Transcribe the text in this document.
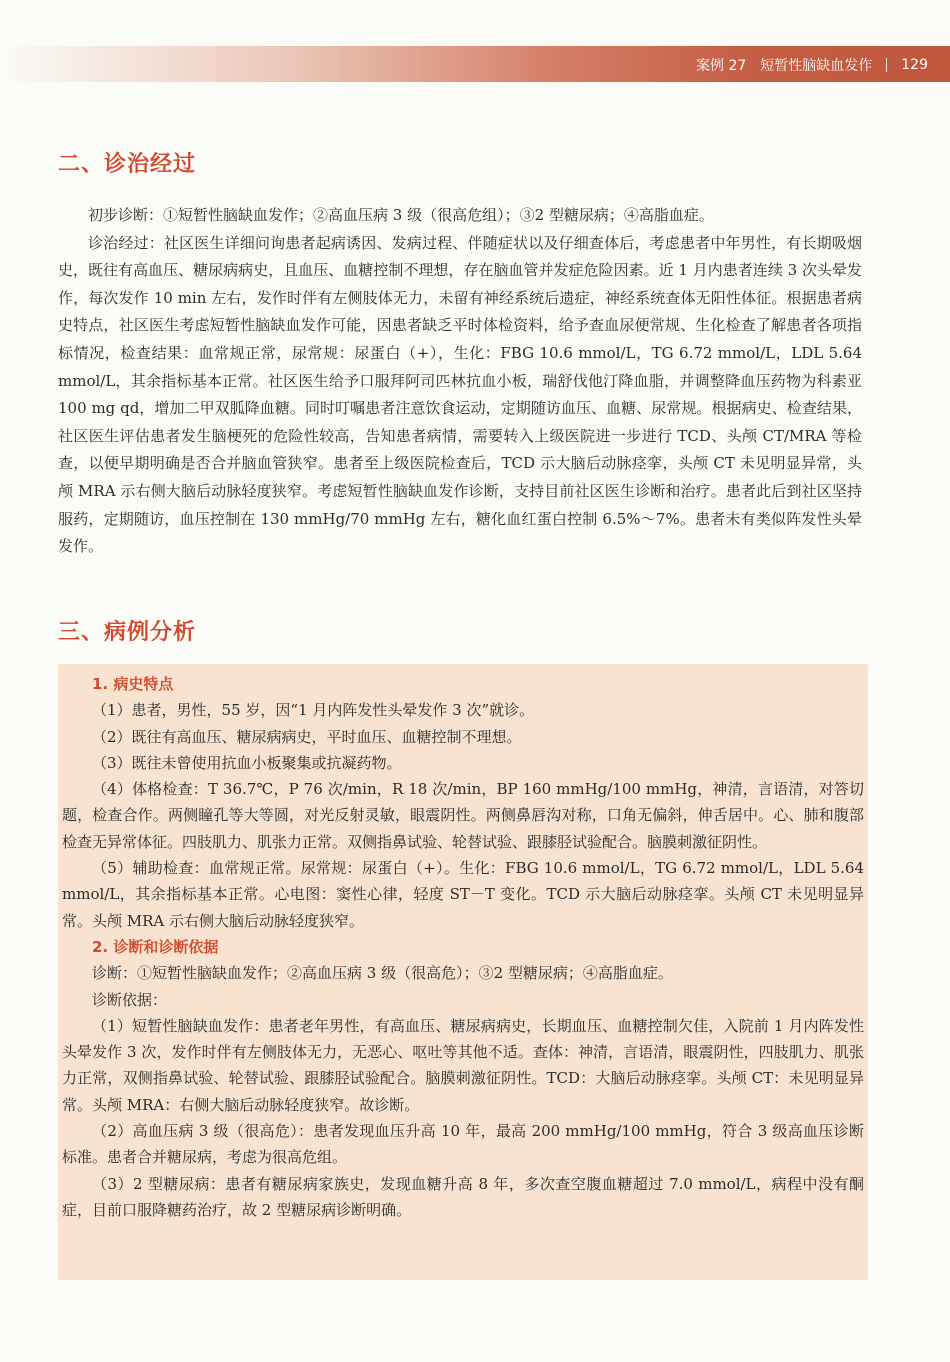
案例 27 短暂性脑缺血发作 129
二、诊治经过

初步诊断：①短暂性脑缺血发作；②高血压病 3 级（很高危组）；③2 型糖尿病；④高脂血症。

诊治经过：社区医生详细问询患者起病诱因、发病过程、伴随症状以及仔细查体后，考虑患者中年男性，有长期吸烟史，既往有高血压、糖尿病病史，且血压、血糖控制不理想，存在脑血管并发症危险因素。近 1 月内患者连续 3 次头晕发作，每次发作 10 min 左右，发作时伴有左侧肢体无力，未留有神经系统后遗症，神经系统查体无阳性体征。根据患者病史特点，社区医生考虑短暂性脑缺血发作可能，因患者缺乏平时体检资料，给予查血尿便常规、生化检查了解患者各项指标情况，检查结果：血常规正常，尿常规：尿蛋白（+），生化：FBG 10.6 mmol/L，TG 6.72 mmol/L，LDL 5.64 mmol/L，其余指标基本正常。社区医生给予口服拜阿司匹林抗血小板，瑞舒伐他汀降血脂，并调整降血压药物为科素亚 100 mg qd，增加二甲双胍降血糖。同时叮嘱患者注意饮食运动，定期随访血压、血糖、尿常规。根据病史、检查结果，社区医生评估患者发生脑梗死的危险性较高，告知患者病情，需要转入上级医院进一步进行 TCD、头颅 CT/MRA 等检查，以便早期明确是否合并脑血管狭窄。患者至上级医院检查后，TCD 示大脑后动脉痉挛，头颅 CT 未见明显异常，头颅 MRA 示右侧大脑后动脉轻度狭窄。考虑短暂性脑缺血发作诊断，支持目前社区医生诊断和治疗。患者此后到社区坚持服药，定期随访，血压控制在 130 mmHg/70 mmHg 左右，糖化血红蛋白控制 6.5%～7%。患者未有类似阵发性头晕发作。

三、病例分析
1. 病史特点

（1）患者，男性，55 岁，因“1 月内阵发性头晕发作 3 次”就诊。

（2）既往有高血压、糖尿病病史，平时血压、血糖控制不理想。

（3）既往未曾使用抗血小板聚集或抗凝药物。

（4）体格检查：T 36.7℃，P 76 次/min，R 18 次/min，BP 160 mmHg/100 mmHg，神清，言语清，对答切题，检查合作。两侧瞳孔等大等圆，对光反射灵敏，眼震阴性。两侧鼻唇沟对称，口角无偏斜，伸舌居中。心、肺和腹部检查无异常体征。四肢肌力、肌张力正常。双侧指鼻试验、轮替试验、跟膝胫试验配合。脑膜刺激征阴性。

（5）辅助检查：血常规正常。尿常规：尿蛋白（+）。生化：FBG 10.6 mmol/L，TG 6.72 mmol/L，LDL 5.64 mmol/L，其余指标基本正常。心电图：窦性心律，轻度 ST－T 变化。TCD 示大脑后动脉痉挛。头颅 CT 未见明显异常。头颅 MRA 示右侧大脑后动脉轻度狭窄。

2. 诊断和诊断依据

诊断：①短暂性脑缺血发作；②高血压病 3 级（很高危）；③2 型糖尿病；④高脂血症。

诊断依据：

（1）短暂性脑缺血发作：患者老年男性，有高血压、糖尿病病史，长期血压、血糖控制欠佳，入院前 1 月内阵发性头晕发作 3 次，发作时伴有左侧肢体无力，无恶心、呕吐等其他不适。查体：神清，言语清，眼震阴性，四肢肌力、肌张力正常，双侧指鼻试验、轮替试验、跟膝胫试验配合。脑膜刺激征阴性。TCD：大脑后动脉痉挛。头颅 CT：未见明显异常。头颅 MRA：右侧大脑后动脉轻度狭窄。故诊断。

（2）高血压病 3 级（很高危）：患者发现血压升高 10 年，最高 200 mmHg/100 mmHg，符合 3 级高血压诊断标准。患者合并糖尿病，考虑为很高危组。

（3）2 型糖尿病：患者有糖尿病家族史，发现血糖升高 8 年，多次查空腹血糖超过 7.0 mmol/L，病程中没有酮症，目前口服降糖药治疗，故 2 型糖尿病诊断明确。
